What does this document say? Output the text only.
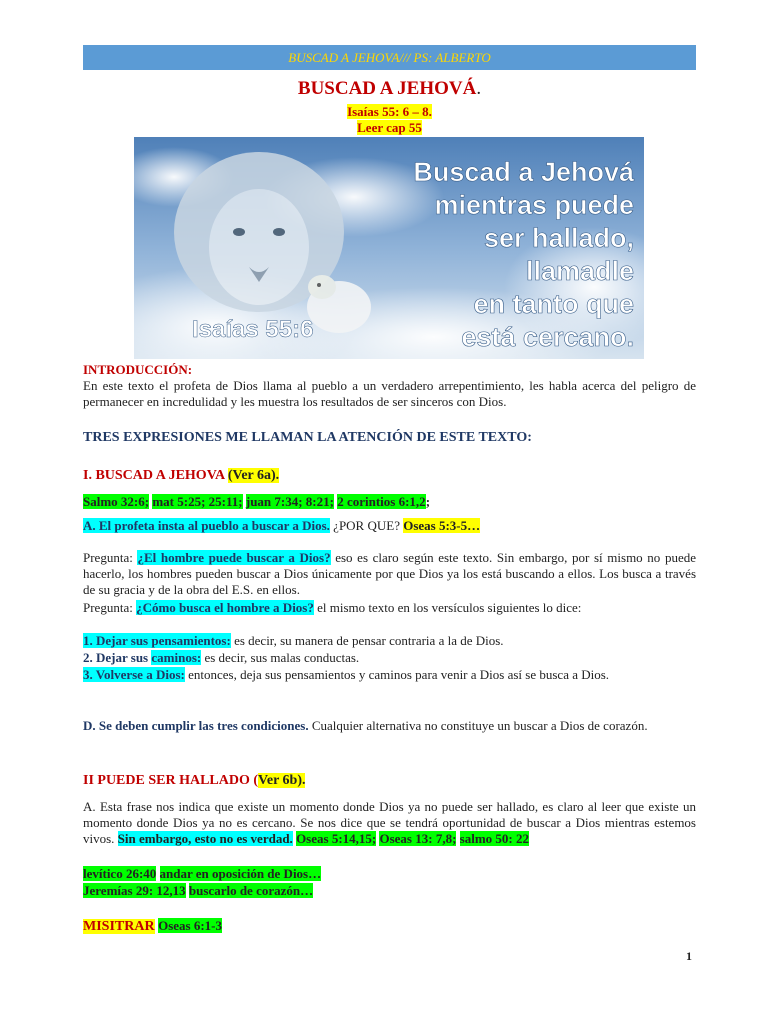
BUSCAD A JEHOVA/// PS: ALBERTO
BUSCAD A JEHOVÁ.
Isaías 55: 6 – 8.
Leer cap 55
Buscad a Jehová
mientras puede
ser hallado,
llamadle
en tanto que
está cercano.
Isaías 55:6
INTRODUCCIÓN:
En este texto el profeta de Dios llama al pueblo a un verdadero arrepentimiento, les habla acerca del peligro de permanecer en incredulidad y les muestra los resultados de ser sinceros con Dios.
TRES EXPRESIONES ME LLAMAN LA ATENCIÓN DE ESTE TEXTO:
I. BUSCAD A JEHOVA (Ver 6a).
Salmo 32:6; mat 5:25; 25:11; juan 7:34; 8:21; 2 corintios 6:1,2;
A. El profeta insta al pueblo a buscar a Dios. ¿POR QUE? Oseas 5:3-5…
Pregunta: ¿El hombre puede buscar a Dios? eso es claro según este texto. Sin embargo, por sí mismo no puede hacerlo, los hombres pueden buscar a Dios únicamente por que Dios ya los está buscando a ellos. Los busca a través de su gracia y de la obra del E.S. en ellos.
Pregunta: ¿Cómo busca el hombre a Dios? el mismo texto en los versículos siguientes lo dice:
1. Dejar sus pensamientos: es decir, su manera de pensar contraria a la de Dios.
2. Dejar sus caminos: es decir, sus malas conductas.
3. Volverse a Dios: entonces, deja sus pensamientos y caminos para venir a Dios así se busca a Dios.
D. Se deben cumplir las tres condiciones. Cualquier alternativa no constituye un buscar a Dios de corazón.
II PUEDE SER HALLADO (Ver 6b).
A. Esta frase nos indica que existe un momento donde Dios ya no puede ser hallado, es claro al leer que existe un momento donde Dios ya no es cercano. Se nos dice que se tendrá oportunidad de buscar a Dios mientras estemos vivos. Sin embargo, esto no es verdad. Oseas 5:14,15; Oseas 13: 7,8; salmo 50: 22
levítico 26:40 andar en oposición de Dios…
Jeremías 29: 12,13 buscarlo de corazón…
MISITRAR Oseas 6:1-3
1
